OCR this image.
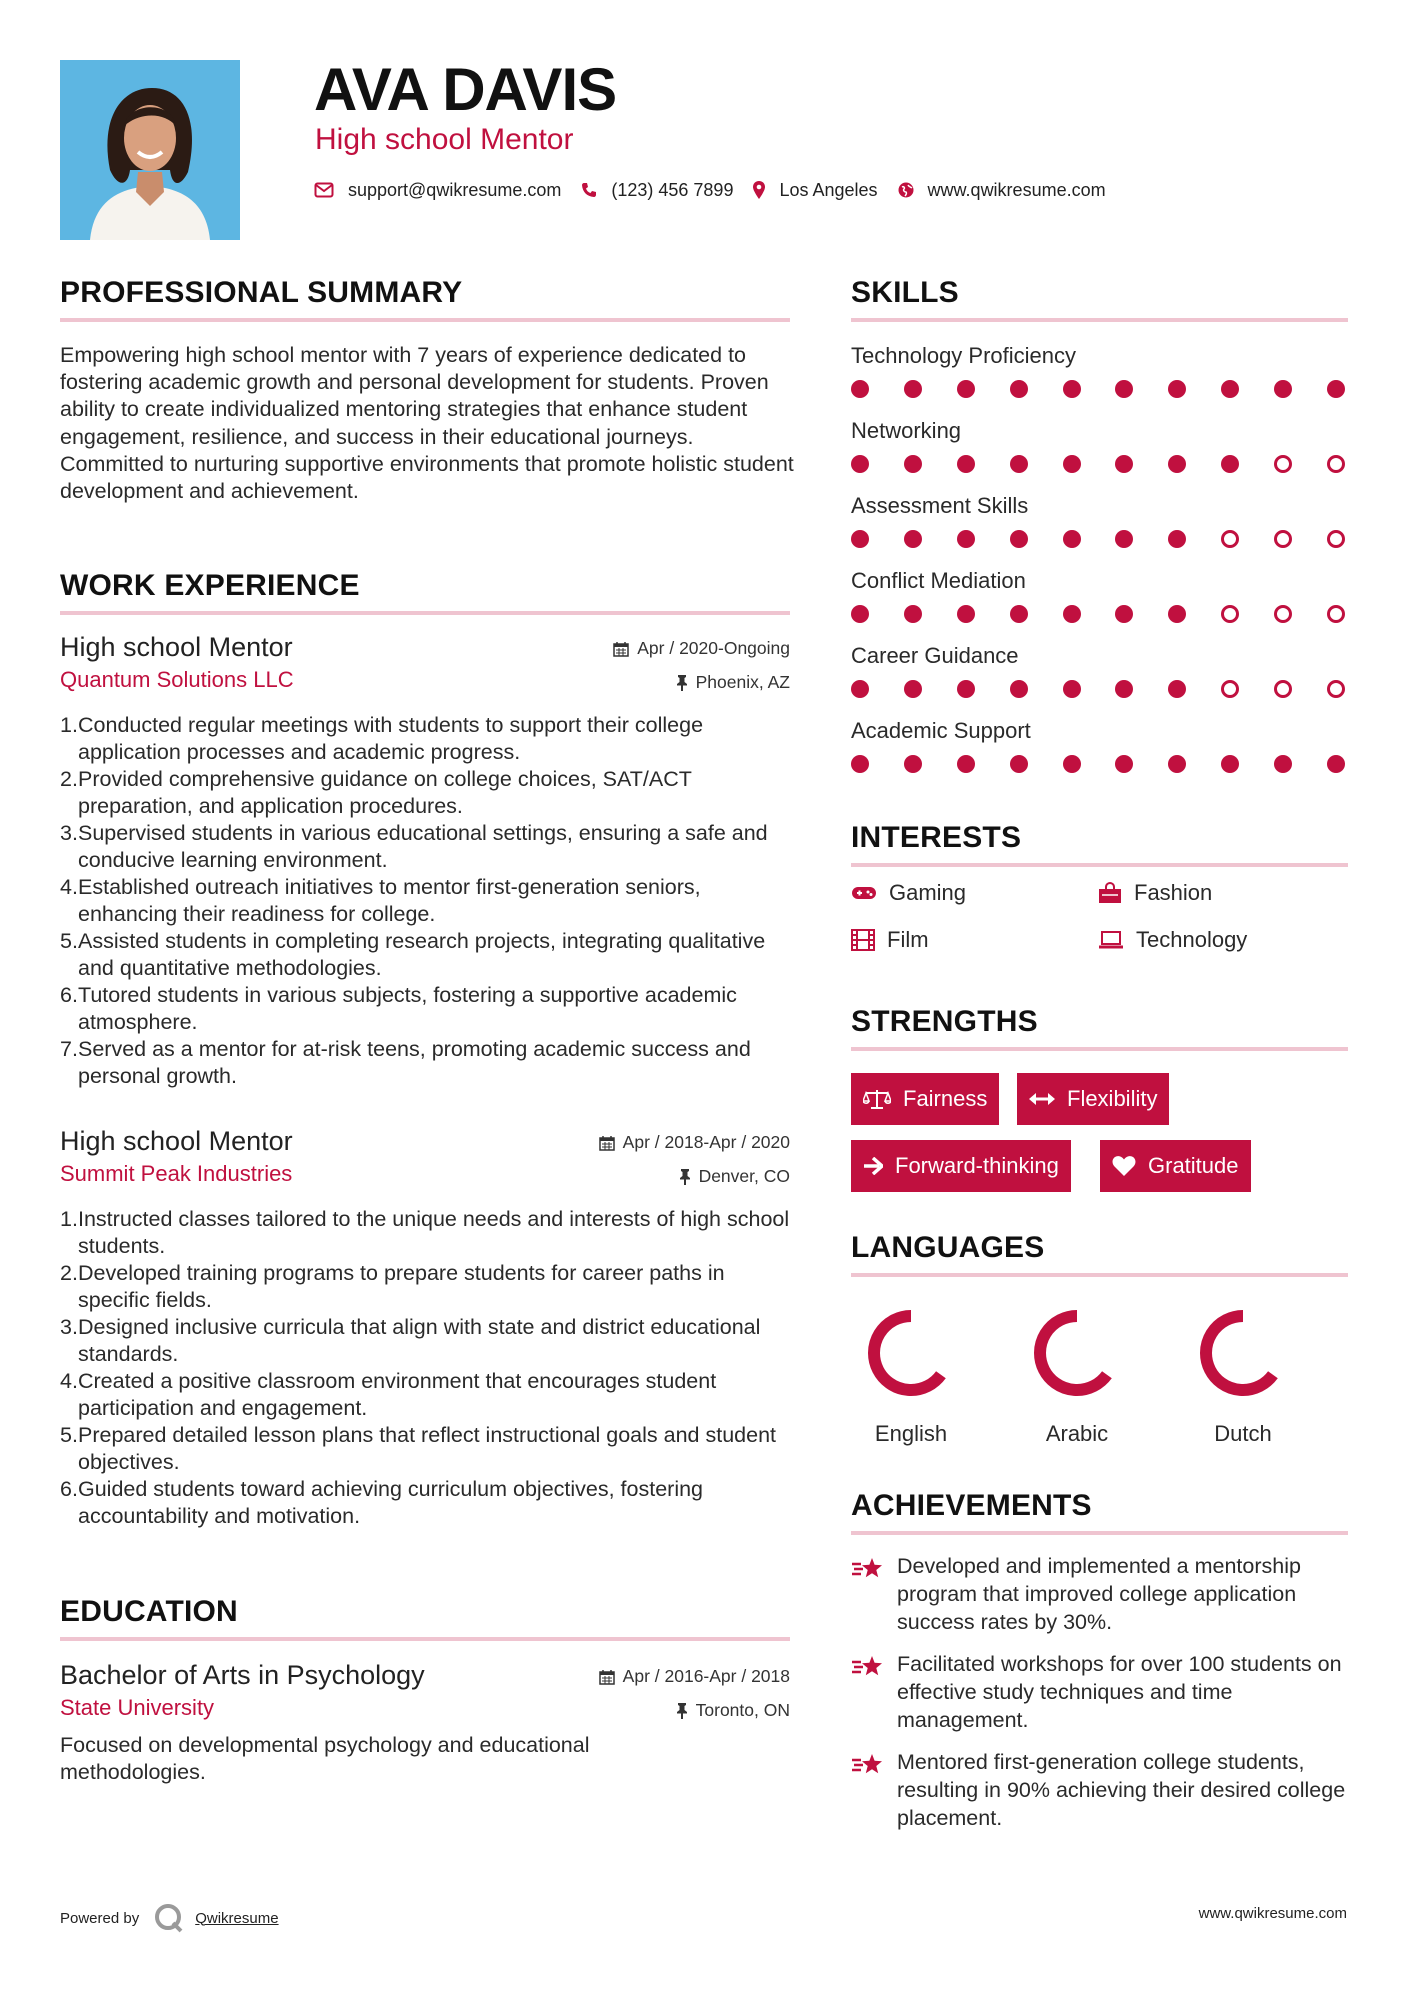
AVA DAVIS
High school Mentor
support@qwikresume.com	(123) 456 7899	Los Angeles	www.qwikresume.com
PROFESSIONAL SUMMARY
Empowering high school mentor with 7 years of experience dedicated to fostering academic growth and personal development for students. Proven ability to create individualized mentoring strategies that enhance student engagement, resilience, and success in their educational journeys. Committed to nurturing supportive environments that promote holistic student development and achievement.
WORK EXPERIENCE
High school Mentor
Quantum Solutions LLC
Apr / 2020-Ongoing
Phoenix, AZ
Conducted regular meetings with students to support their college application processes and academic progress.
Provided comprehensive guidance on college choices, SAT/ACT preparation, and application procedures.
Supervised students in various educational settings, ensuring a safe and conducive learning environment.
Established outreach initiatives to mentor first-generation seniors, enhancing their readiness for college.
Assisted students in completing research projects, integrating qualitative and quantitative methodologies.
Tutored students in various subjects, fostering a supportive academic atmosphere.
Served as a mentor for at-risk teens, promoting academic success and personal growth.
High school Mentor
Summit Peak Industries
Apr / 2018-Apr / 2020
Denver, CO
Instructed classes tailored to the unique needs and interests of high school students.
Developed training programs to prepare students for career paths in specific fields.
Designed inclusive curricula that align with state and district educational standards.
Created a positive classroom environment that encourages student participation and engagement.
Prepared detailed lesson plans that reflect instructional goals and student objectives.
Guided students toward achieving curriculum objectives, fostering accountability and motivation.
EDUCATION
Bachelor of Arts in Psychology
State University
Apr / 2016-Apr / 2018
Toronto, ON
Focused on developmental psychology and educational methodologies.
SKILLS
Technology Proficiency
Networking
Assessment Skills
Conflict Mediation
Career Guidance
Academic Support
INTERESTS
Gaming	Fashion
Film	Technology
STRENGTHS
Fairness	Flexibility
Forward-thinking	Gratitude
LANGUAGES
English	Arabic	Dutch
ACHIEVEMENTS
Developed and implemented a mentorship program that improved college application success rates by 30%.
Facilitated workshops for over 100 students on effective study techniques and time management.
Mentored first-generation college students, resulting in 90% achieving their desired college placement.
Powered by	Qwikresume	www.qwikresume.com
